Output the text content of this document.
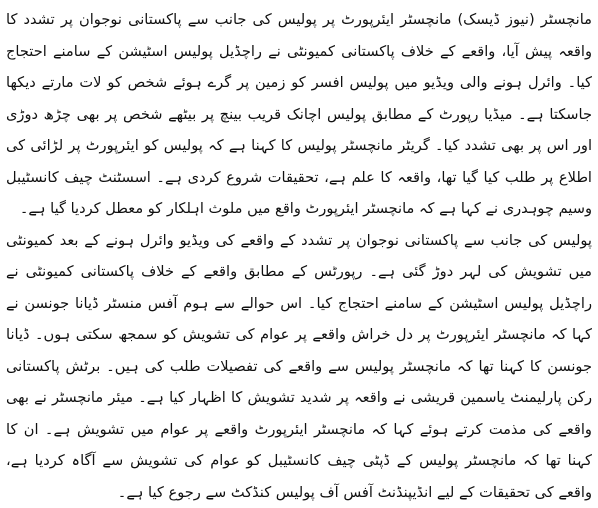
مانچسٹر (نیوز ڈیسک) مانچسٹر ایئرپورٹ پر پولیس کی جانب سے پاکستانی نوجوان پر تشدد کا واقعہ پیش آیا، واقعے کے خلاف پاکستانی کمیونٹی نے راچڈیل پولیس اسٹیشن کے سامنے احتجاج کیا۔ وائرل ہونے والی ویڈیو میں پولیس افسر کو زمین پر گرے ہوئے شخص کو لات مارتے دیکھا جاسکتا ہے۔ میڈیا رپورٹ کے مطابق پولیس اچانک قریب بینچ پر بیٹھے شخص پر بھی چڑھ دوڑی اور اس پر بھی تشدد کیا۔ گریٹر مانچسٹر پولیس کا کہنا ہے کہ پولیس کو ایئرپورٹ پر لڑائی کی اطلاع پر طلب کیا گیا تھا، واقعہ کا علم ہے، تحقیقات شروع کردی ہے۔ اسسٹنٹ چیف کانسٹیبل وسیم چوہدری نے کہا ہے کہ مانچسٹر ایئرپورٹ واقع میں ملوث اہلکار کو معطل کردیا گیا ہے۔

پولیس کی جانب سے پاکستانی نوجوان پر تشدد کے واقعے کی ویڈیو وائرل ہونے کے بعد کمیونٹی میں تشویش کی لہر دوڑ گئی ہے۔ رپورٹس کے مطابق واقعے کے خلاف پاکستانی کمیونٹی نے راچڈیل پولیس اسٹیشن کے سامنے احتجاج کیا۔ اس حوالے سے ہوم آفس منسٹر ڈیانا جونسن نے کہا کہ مانچسٹر ایئرپورٹ پر دل خراش واقعے پر عوام کی تشویش کو سمجھ سکتی ہوں۔ ڈیانا جونسن کا کہنا تھا کہ مانچسٹر پولیس سے واقعے کی تفصیلات طلب کی ہیں۔ برٹش پاکستانی رکن پارلیمنٹ یاسمین قریشی نے واقعہ پر شدید تشویش کا اظہار کیا ہے۔ میئر مانچسٹر نے بھی واقعے کی مذمت کرتے ہوئے کہا کہ مانچسٹر ایئرپورٹ واقعے پر عوام میں تشویش ہے۔ ان کا کہنا تھا کہ مانچسٹر پولیس کے ڈپٹی چیف کانسٹیبل کو عوام کی تشویش سے آگاہ کردیا ہے، واقعے کی تحقیقات کے لیے انڈیپنڈنٹ آفس آف پولیس کنڈکٹ سے رجوع کیا ہے۔
